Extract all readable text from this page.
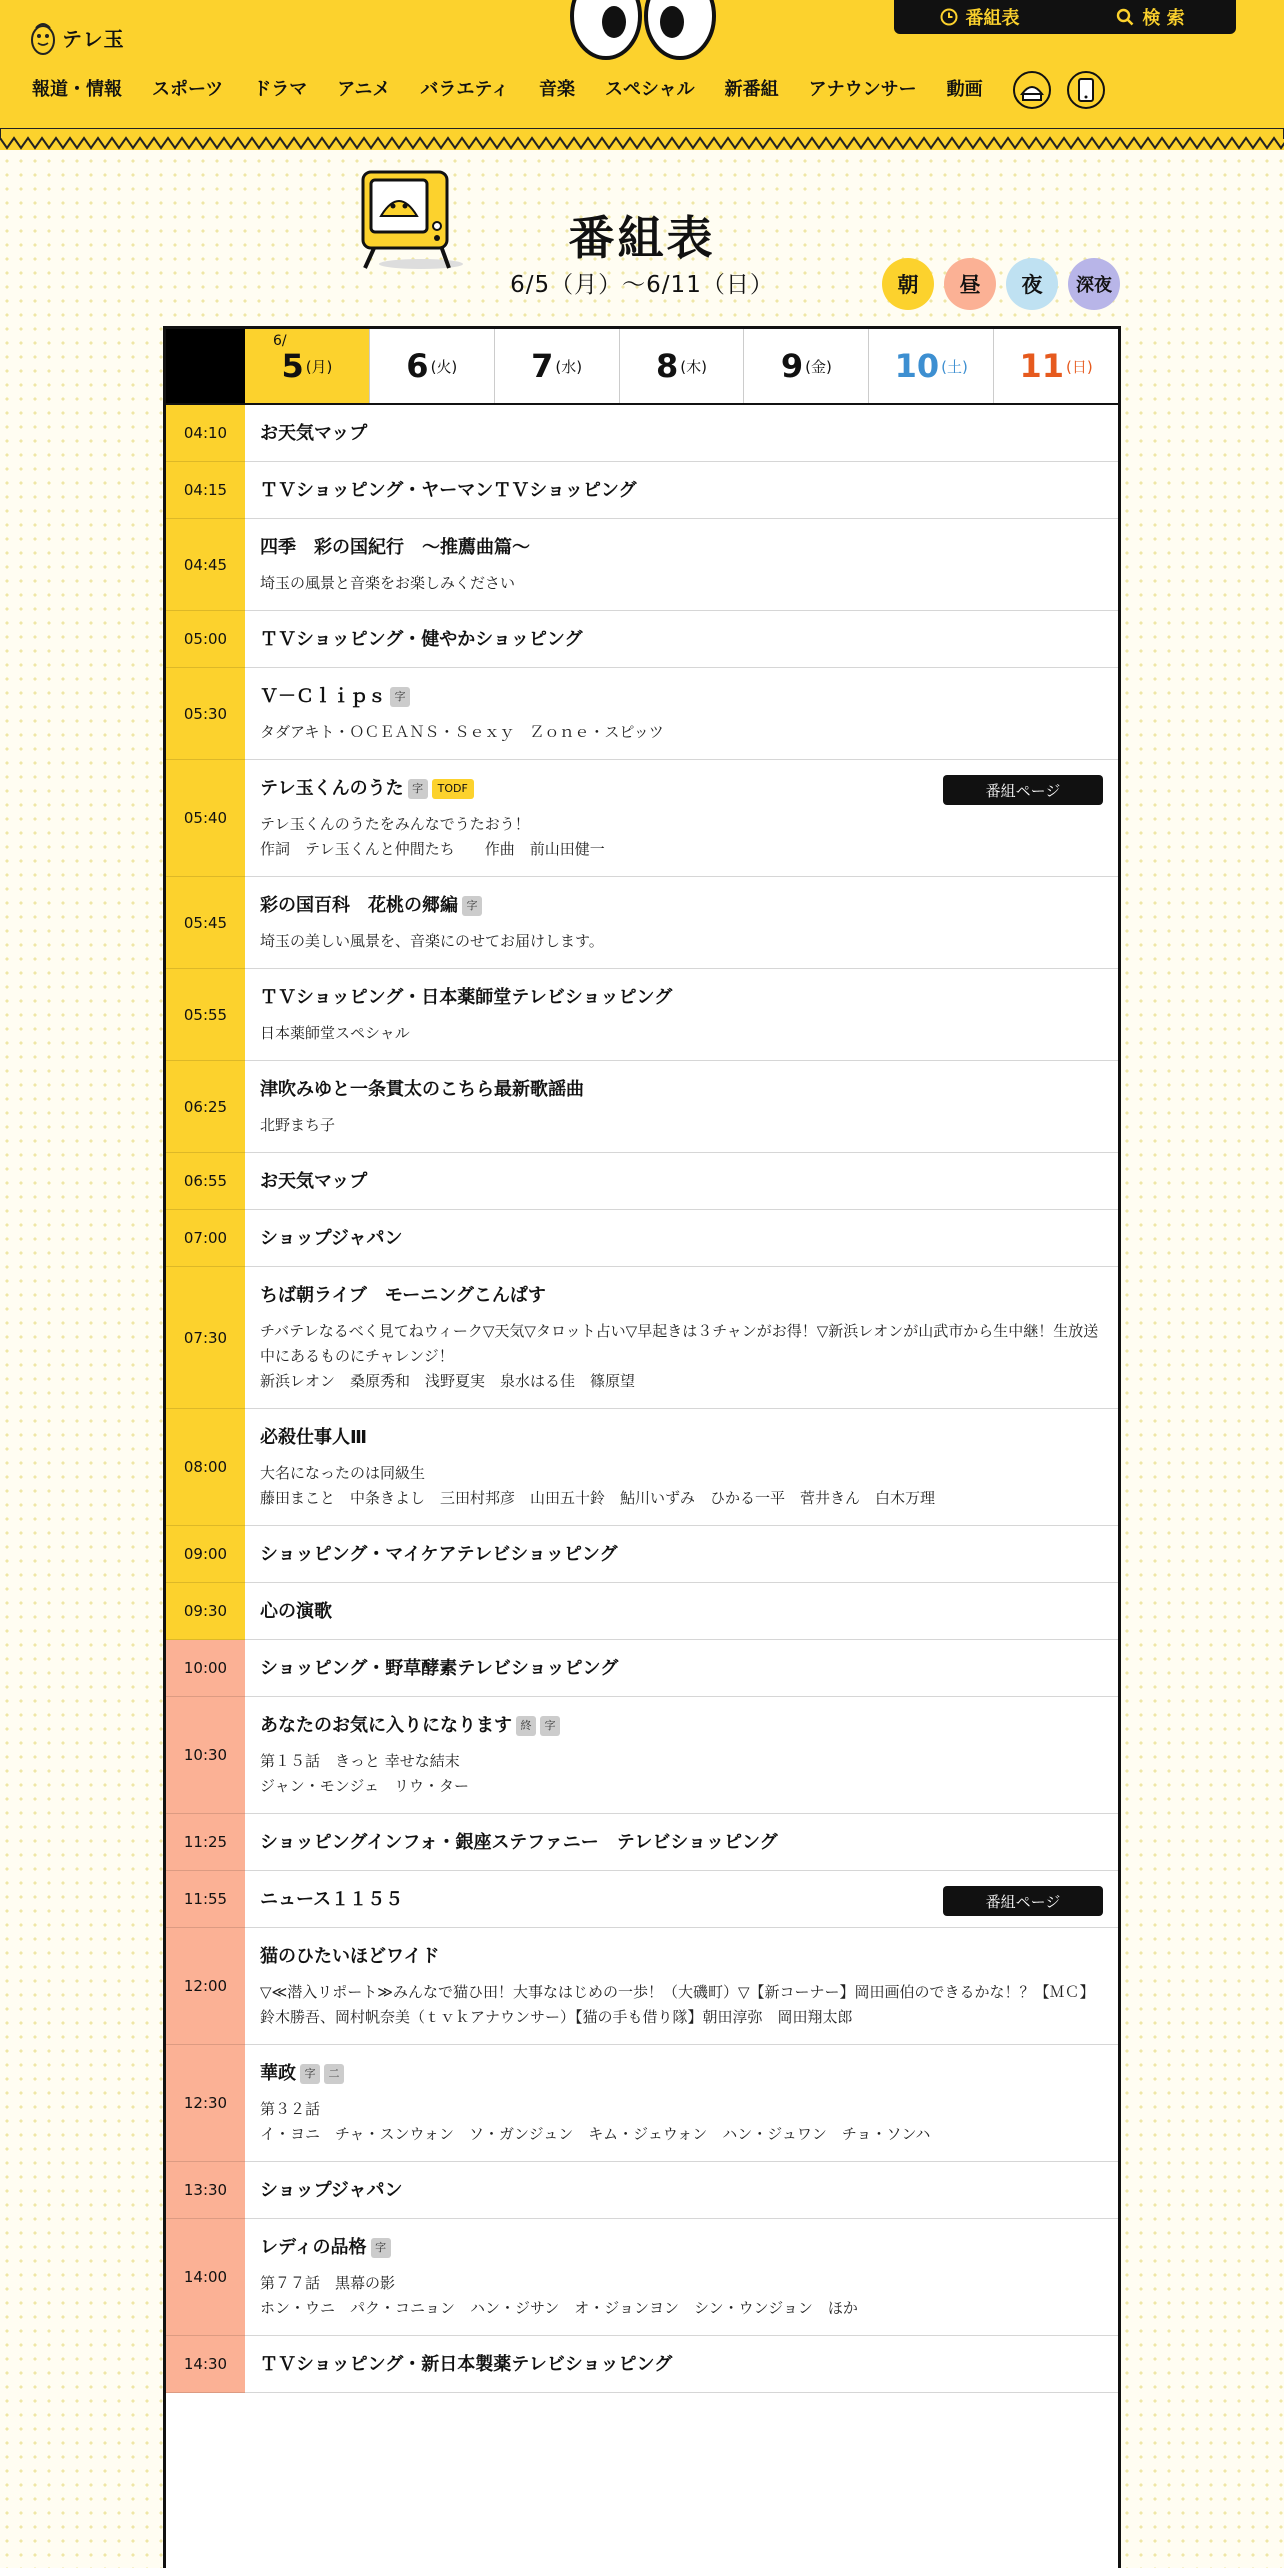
テレ玉
番組表	検 索
報道・情報	スポーツ	ドラマ	アニメ	バラエティ	音楽	スペシャル	新番組	アナウンサー	動画
番組表
6/5（月）〜6/11（日）	朝	昼	夜	深夜
6/
5 (月) 6 (火) 7 (水) 8 (木) 9 (金) 10 (土) 11 (日)
04:10	お天気マップ
04:15	ＴＶショッピング・ヤーマンＴＶショッピング
04:45
四季　彩の国紀行　～推薦曲篇～
埼玉の風景と音楽をお楽しみください
05:00	ＴＶショッピング・健やかショッピング
05:30
Ｖ－Ｃｌｉｐｓ 字
タダアキト・ＯＣＥＡＮＳ・Ｓｅｘｙ　Ｚｏｎｅ・スピッツ
05:40
テレ玉くんのうた 字	TODF
テレ玉くんのうたをみんなでうたおう！
作詞　テレ玉くんと仲間たち　　作曲　前山田健一
番組ページ
05:45
彩の国百科　花桃の郷編 字
埼玉の美しい風景を、音楽にのせてお届けします。
05:55
ＴＶショッピング・日本薬師堂テレビショッピング
日本薬師堂スペシャル
06:25
津吹みゆと一条貫太のこちら最新歌謡曲
北野まち子
06:55	お天気マップ
07:00	ショップジャパン
07:30
ちば朝ライブ　モーニングこんぱす
チバテレなるべく見てねウィーク▽天気▽タロット占い▽早起きは３チャンがお得！▽新浜レオンが山武市から生中継！生放送中にあるものにチャレンジ！
新浜レオン　桑原秀和　浅野夏実　泉水はる佳　篠原望
08:00
必殺仕事人Ⅲ
大名になったのは同級生
藤田まこと　中条きよし　三田村邦彦　山田五十鈴　鮎川いずみ　ひかる一平　菅井きん　白木万理
09:00	ショッピング・マイケアテレビショッピング
09:30	心の演歌
10:00	ショッピング・野草酵素テレビショッピング
10:30
あなたのお気に入りになります 終	字
第１５話　きっと 幸せな結末
ジャン・モンジェ　リウ・ター
11:25	ショッピングインフォ・銀座ステファニー　テレビショッピング
11:55	ニュース１１５５	番組ページ
12:00
猫のひたいほどワイド
▽≪潜入リポート≫みんなで猫ひ田！大事なはじめの一歩！（大磯町）▽【新コーナー】岡田画伯のできるかな！？【ＭＣ】鈴木勝吾、岡村帆奈美（ｔｖｋアナウンサー）【猫の手も借り隊】朝田淳弥　岡田翔太郎
12:30
華政 字	二
第３２話
イ・ヨニ　チャ・スンウォン　ソ・ガンジュン　キム・ジェウォン　ハン・ジュワン　チョ・ソンハ
13:30	ショップジャパン
14:00
レディの品格 字
第７７話　黒幕の影
ホン・ウニ　パク・コニョン　ハン・ジサン　オ・ジョンヨン　シン・ウンジョン　ほか
14:30	ＴＶショッピング・新日本製薬テレビショッピング
